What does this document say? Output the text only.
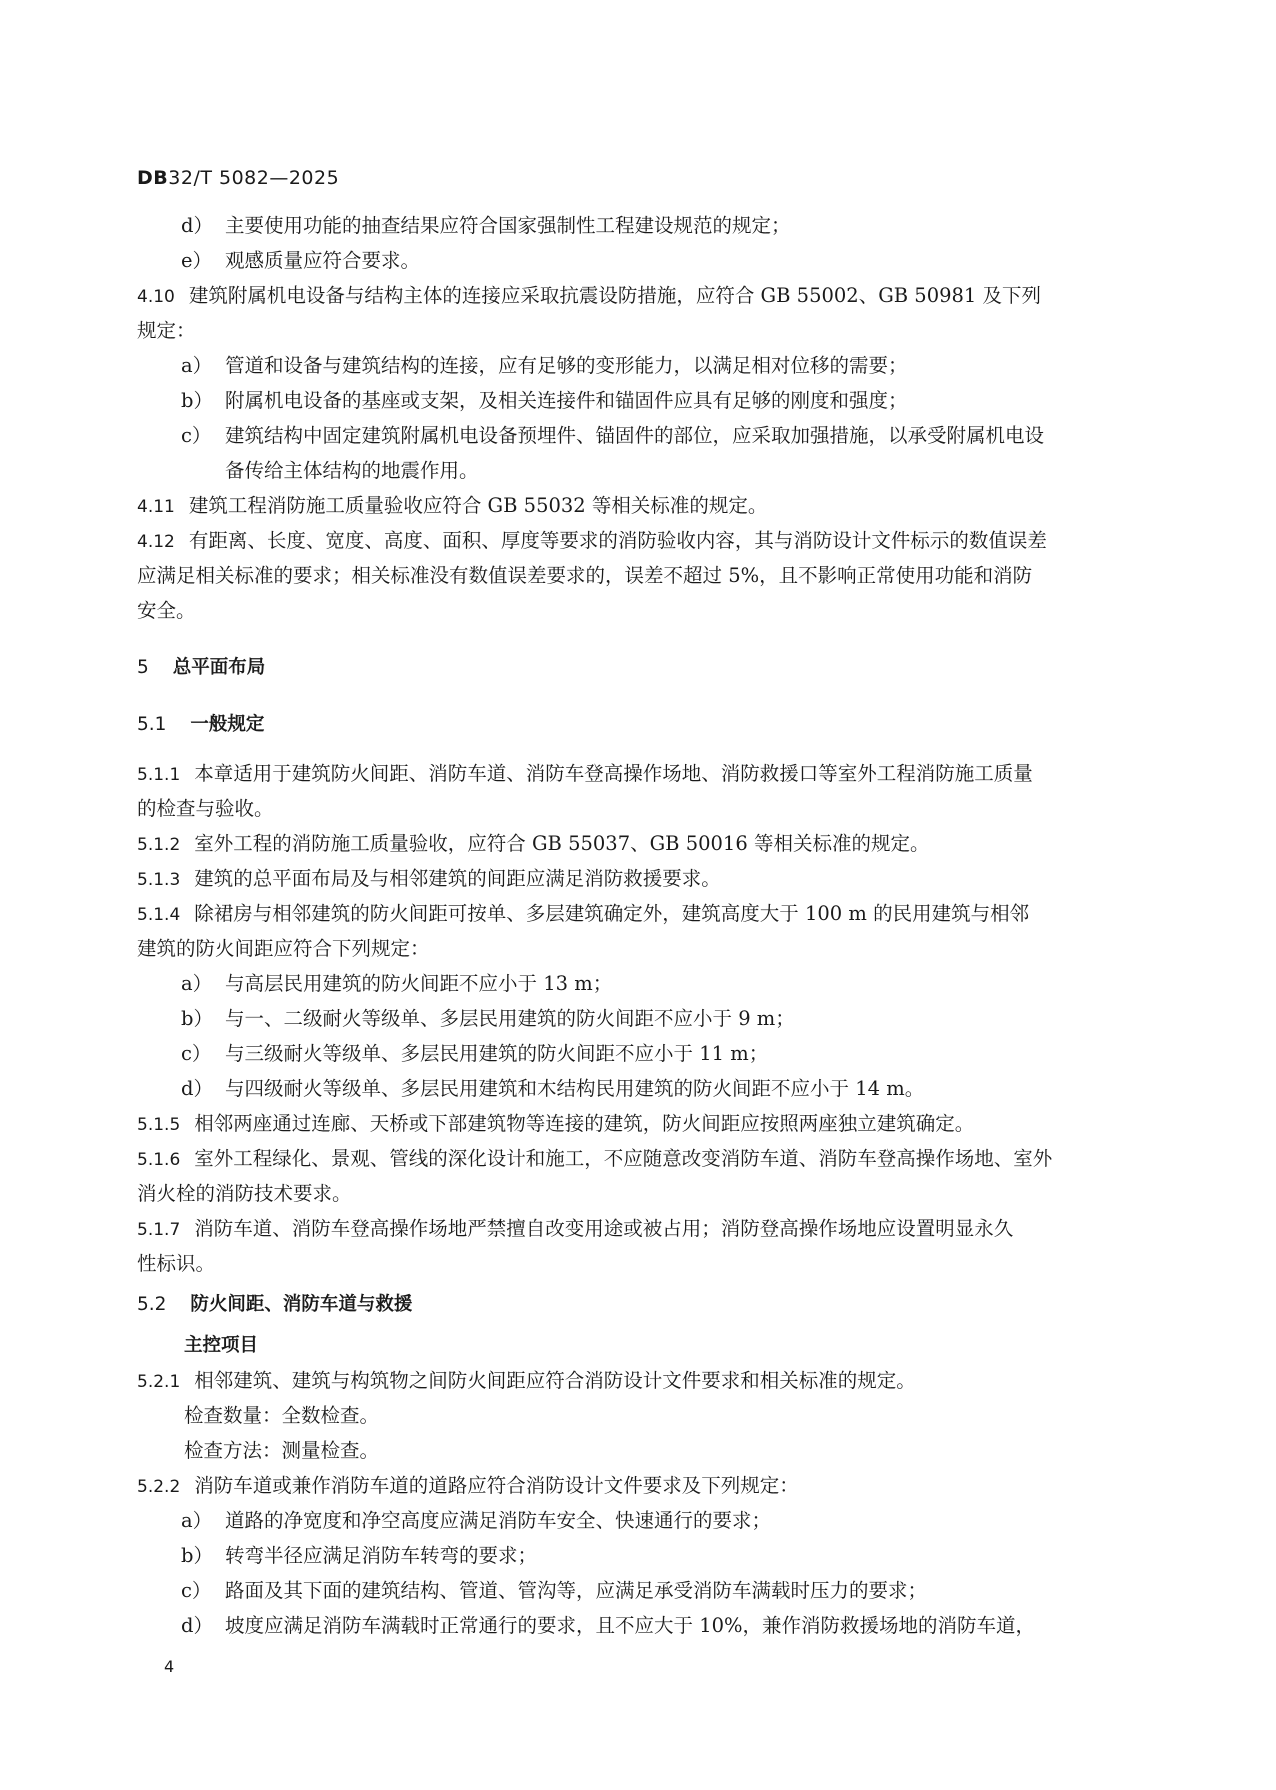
DB32/T 5082—2025
d） 主要使用功能的抽查结果应符合国家强制性工程建设规范的规定；
e） 观感质量应符合要求。
4.10 建筑附属机电设备与结构主体的连接应采取抗震设防措施，应符合 GB 55002、GB 50981 及下列
规定：
a） 管道和设备与建筑结构的连接，应有足够的变形能力，以满足相对位移的需要；
b） 附属机电设备的基座或支架，及相关连接件和锚固件应具有足够的刚度和强度；
c） 建筑结构中固定建筑附属机电设备预埋件、锚固件的部位，应采取加强措施，以承受附属机电设
备传给主体结构的地震作用。
4.11 建筑工程消防施工质量验收应符合 GB 55032 等相关标准的规定。
4.12 有距离、长度、宽度、高度、面积、厚度等要求的消防验收内容，其与消防设计文件标示的数值误差
应满足相关标准的要求；相关标准没有数值误差要求的，误差不超过 5%，且不影响正常使用功能和消防
安全。
5 总平面布局
5.1 一般规定
5.1.1 本章适用于建筑防火间距、消防车道、消防车登高操作场地、消防救援口等室外工程消防施工质量
的检查与验收。
5.1.2 室外工程的消防施工质量验收，应符合 GB 55037、GB 50016 等相关标准的规定。
5.1.3 建筑的总平面布局及与相邻建筑的间距应满足消防救援要求。
5.1.4 除裙房与相邻建筑的防火间距可按单、多层建筑确定外，建筑高度大于 100 m 的民用建筑与相邻
建筑的防火间距应符合下列规定：
a） 与高层民用建筑的防火间距不应小于 13 m；
b） 与一、二级耐火等级单、多层民用建筑的防火间距不应小于 9 m；
c） 与三级耐火等级单、多层民用建筑的防火间距不应小于 11 m；
d） 与四级耐火等级单、多层民用建筑和木结构民用建筑的防火间距不应小于 14 m。
5.1.5 相邻两座通过连廊、天桥或下部建筑物等连接的建筑，防火间距应按照两座独立建筑确定。
5.1.6 室外工程绿化、景观、管线的深化设计和施工，不应随意改变消防车道、消防车登高操作场地、室外
消火栓的消防技术要求。
5.1.7 消防车道、消防车登高操作场地严禁擅自改变用途或被占用；消防登高操作场地应设置明显永久
性标识。
5.2 防火间距、消防车道与救援
主控项目
5.2.1 相邻建筑、建筑与构筑物之间防火间距应符合消防设计文件要求和相关标准的规定。
检查数量：全数检查。
检查方法：测量检查。
5.2.2 消防车道或兼作消防车道的道路应符合消防设计文件要求及下列规定：
a） 道路的净宽度和净空高度应满足消防车安全、快速通行的要求；
b） 转弯半径应满足消防车转弯的要求；
c） 路面及其下面的建筑结构、管道、管沟等，应满足承受消防车满载时压力的要求；
d） 坡度应满足消防车满载时正常通行的要求，且不应大于 10%，兼作消防救援场地的消防车道，
4
